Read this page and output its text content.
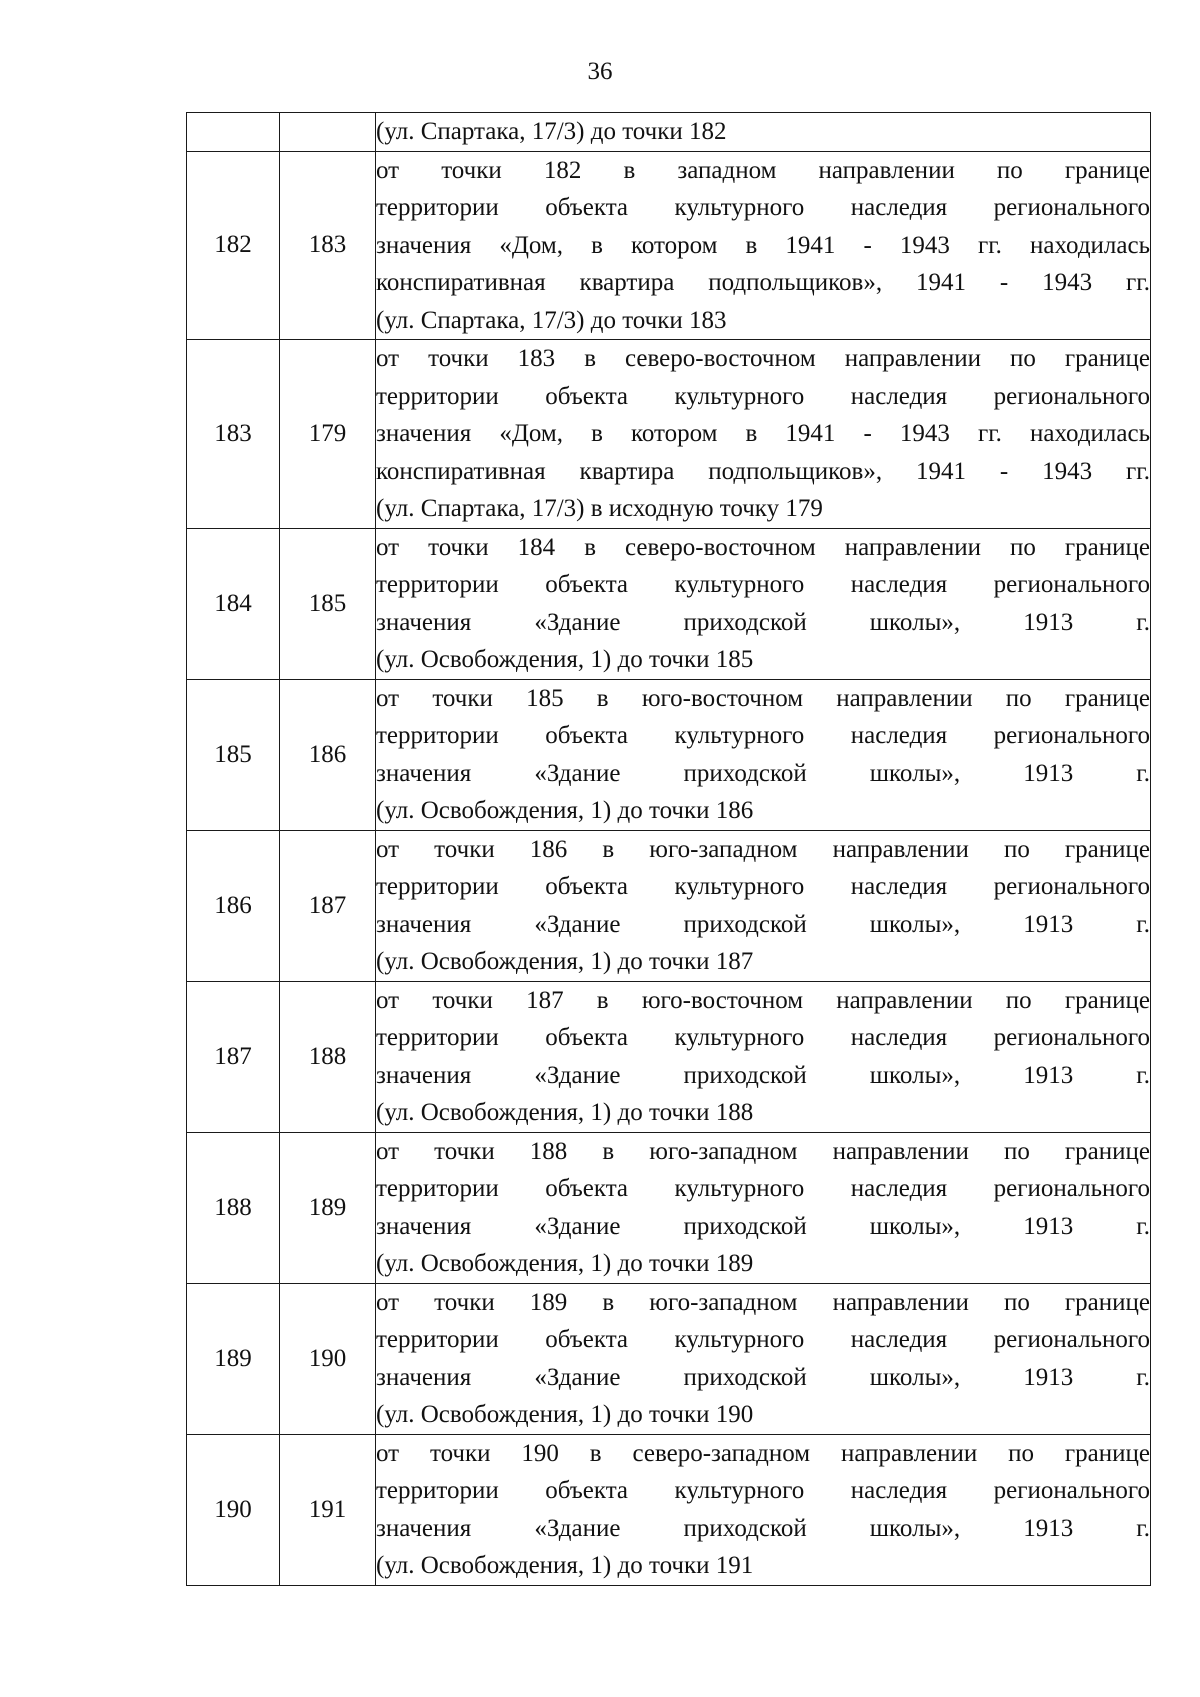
36

		(ул. Спартака, 17/3) до точки 182

182	183	от точки 182 в западном направлении по границе
территории объекта культурного наследия регионального
значения «Дом, в котором в 1941 - 1943 гг. находилась
конспиративная квартира подпольщиков», 1941 - 1943 гг.
(ул. Спартака, 17/3) до точки 183

183	179	от точки 183 в северо-восточном направлении по границе
территории объекта культурного наследия регионального
значения «Дом, в котором в 1941 - 1943 гг. находилась
конспиративная квартира подпольщиков», 1941 - 1943 гг.
(ул. Спартака, 17/3) в исходную точку 179

184	185	от точки 184 в северо-восточном направлении по границе
территории объекта культурного наследия регионального
значения «Здание приходской школы», 1913 г.
(ул. Освобождения, 1) до точки 185

185	186	от точки 185 в юго-восточном направлении по границе
территории объекта культурного наследия регионального
значения «Здание приходской школы», 1913 г.
(ул. Освобождения, 1) до точки 186

186	187	от точки 186 в юго-западном направлении по границе
территории объекта культурного наследия регионального
значения «Здание приходской школы», 1913 г.
(ул. Освобождения, 1) до точки 187

187	188	от точки 187 в юго-восточном направлении по границе
территории объекта культурного наследия регионального
значения «Здание приходской школы», 1913 г.
(ул. Освобождения, 1) до точки 188

188	189	от точки 188 в юго-западном направлении по границе
территории объекта культурного наследия регионального
значения «Здание приходской школы», 1913 г.
(ул. Освобождения, 1) до точки 189

189	190	от точки 189 в юго-западном направлении по границе
территории объекта культурного наследия регионального
значения «Здание приходской школы», 1913 г.
(ул. Освобождения, 1) до точки 190

190	191	от точки 190 в северо-западном направлении по границе
территории объекта культурного наследия регионального
значения «Здание приходской школы», 1913 г.
(ул. Освобождения, 1) до точки 191
